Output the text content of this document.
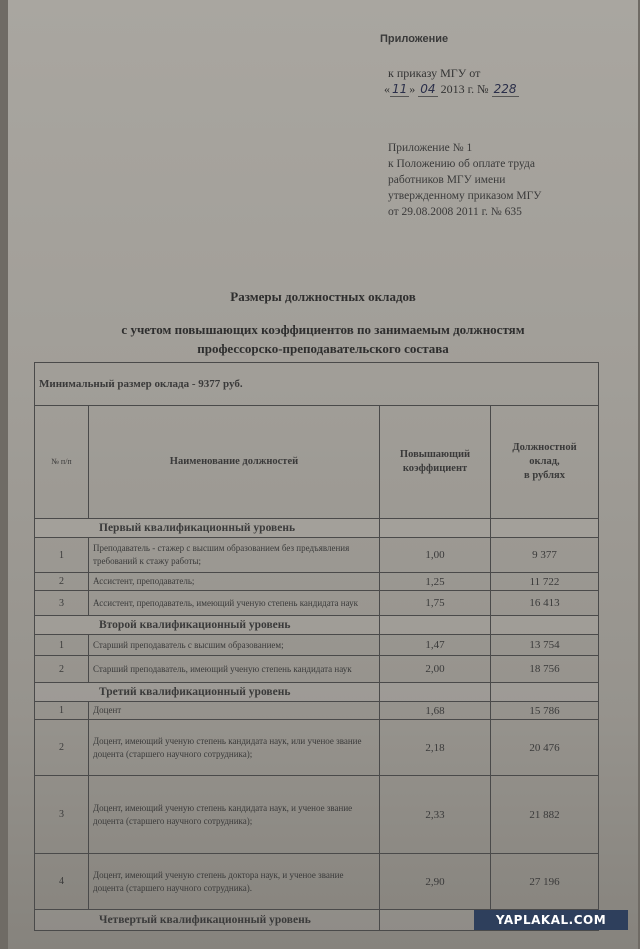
Приложение
к приказу МГУ от
« 11 » 04 2013 г. № 228
Приложение № 1
к Положению об оплате труда
работников МГУ имени
утвержденному приказом МГУ
от 29.08.2008 2011 г. № 635
Размеры должностных окладов
с учетом повышающих коэффициентов по занимаемым должностям
профессорско-преподавательского состава
Минимальный размер оклада - 9377 руб.			
№ п/п	Наименование должностей	Повышающий коэффициент	Должностной
оклад,
в рублях

Первый квалификационный уровень			
1	Преподаватель - стажер с высшим образованием без предъявления требований к стажу работы;	1,00	9 377
2	Ассистент, преподаватель;	1,25	11 722
3	Ассистент, преподаватель, имеющий ученую степень кандидата наук	1,75	16 413
Второй квалификационный уровень			
1	Старший преподаватель с высшим образованием;	1,47	13 754
2	Старший преподаватель, имеющий ученую степень кандидата наук	2,00	18 756
Третий квалификационный уровень			
1	Доцент	1,68	15 786
2	Доцент, имеющий ученую степень кандидата наук, или ученое звание доцента (старшего научного сотрудника);	2,18	20 476
3	Доцент, имеющий ученую степень кандидата наук, и ученое звание доцента (старшего научного сотрудника);	2,33	21 882
4	Доцент, имеющий ученую степень доктора наук, и ученое звание доцента (старшего научного сотрудника).	2,90	27 196
Четвертый квалификационный уровень				YAPLAKAL.COM
